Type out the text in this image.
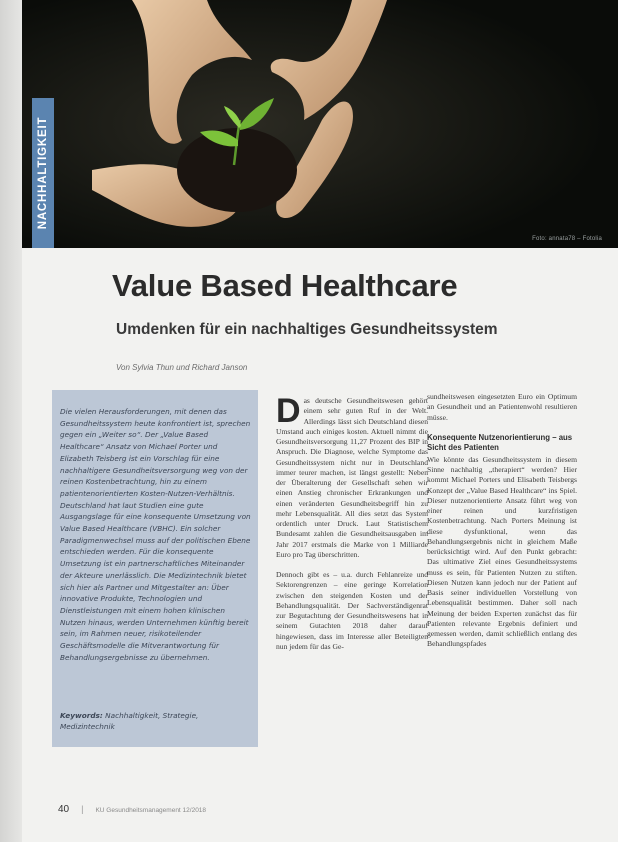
Foto: annata78 – Fotolia
NACHHALTIGKEIT
Value Based Healthcare
Umdenken für ein nachhaltiges Gesundheitssystem
Von Sylvia Thun und Richard Janson
Die vielen Herausforderungen, mit denen das Gesundheitssystem heute konfrontiert ist, sprechen gegen ein „Weiter so“. Der „Value Based Healthcare“ Ansatz von Michael Porter und Elizabeth Teisberg ist ein Vorschlag für eine nachhaltigere Gesundheitsversorgung weg von der reinen Kostenbetrachtung, hin zu einem patientenorientierten Kosten-Nutzen-Verhältnis. Deutschland hat laut Studien eine gute Ausgangslage für eine konsequente Umsetzung von Value Based Healthcare (VBHC). Ein solcher Paradigmenwechsel muss auf der politischen Ebene entschieden werden. Für die konsequente Umsetzung ist ein partnerschaftliches Miteinander der Akteure unerlässlich. Die Medizintechnik bietet sich hier als Partner und Mitgestalter an: Über innovative Produkte, Technologien und Dienstleistungen mit einem hohen klinischen Nutzen hinaus, werden Unternehmen künftig bereit sein, im Rahmen neuer, risikoteilender Geschäftsmodelle die Mitverantwortung für Behandlungsergebnisse zu übernehmen.
Keywords: Nachhaltigkeit, Strategie, Medizintechnik

Das deutsche Gesundheitswesen gehört einem sehr guten Ruf in der Welt. Allerdings lässt sich Deutschland diesen Umstand auch einiges kosten. Aktuell nimmt die Gesundheitsversorgung 11,27 Prozent des BIP in Anspruch. Die Diagnose, welche Symptome das Gesundheitssystem nicht nur in Deutschland immer teurer machen, ist längst gestellt: Neben der Überalterung der Gesellschaft sehen wir einen Anstieg chronischer Erkrankungen und einen veränderten Gesundheitsbegriff hin zu mehr Lebensqualität. All dies setzt das System ordentlich unter Druck. Laut Statistischem Bundesamt zahlen die Gesundheitsausgaben im Jahr 2017 erstmals die Marke von 1 Milliarde Euro pro Tag überschritten.

Dennoch gibt es – u.a. durch Fehlanreize und Sektorengrenzen – eine geringe Korrelation zwischen den steigenden Kosten und der Behandlungsqualität. Der Sachverständigenrat zur Begutachtung der Gesundheitswesens hat in seinem Gutachten 2018 daher darauf hingewiesen, dass im Interesse aller Beteiligten nun jedem für das Ge-

sundheitswesen eingesetzten Euro ein Optimum an Gesundheit und an Patientenwohl resultieren müsse.

Konsequente Nutzenorientierung – aus Sicht des Patienten

Wie könnte das Gesundheitssystem in diesem Sinne nachhaltig „therapiert“ werden? Hier kommt Michael Porters und Elisabeth Teisbergs Konzept der „Value Based Healthcare“ ins Spiel. Dieser nutzenorientierte Ansatz führt weg von einer reinen und kurzfristigen Kostenbetrachtung. Nach Porters Meinung ist diese dysfunktional, wenn das Behandlungsergebnis nicht in gleichem Maße berücksichtigt wird. Auf den Punkt gebracht: Das ultimative Ziel eines Gesundheitssystems muss es sein, für Patienten Nutzen zu stiften. Diesen Nutzen kann jedoch nur der Patient auf Basis seiner individuellen Vorstellung von Lebensqualität bestimmen. Daher soll nach Meinung der beiden Experten zunächst das für Patienten relevante Ergebnis definiert und gemessen werden, damit schließlich entlang des Behandlungspfades

40 | KU Gesundheitsmanagement 12/2018
